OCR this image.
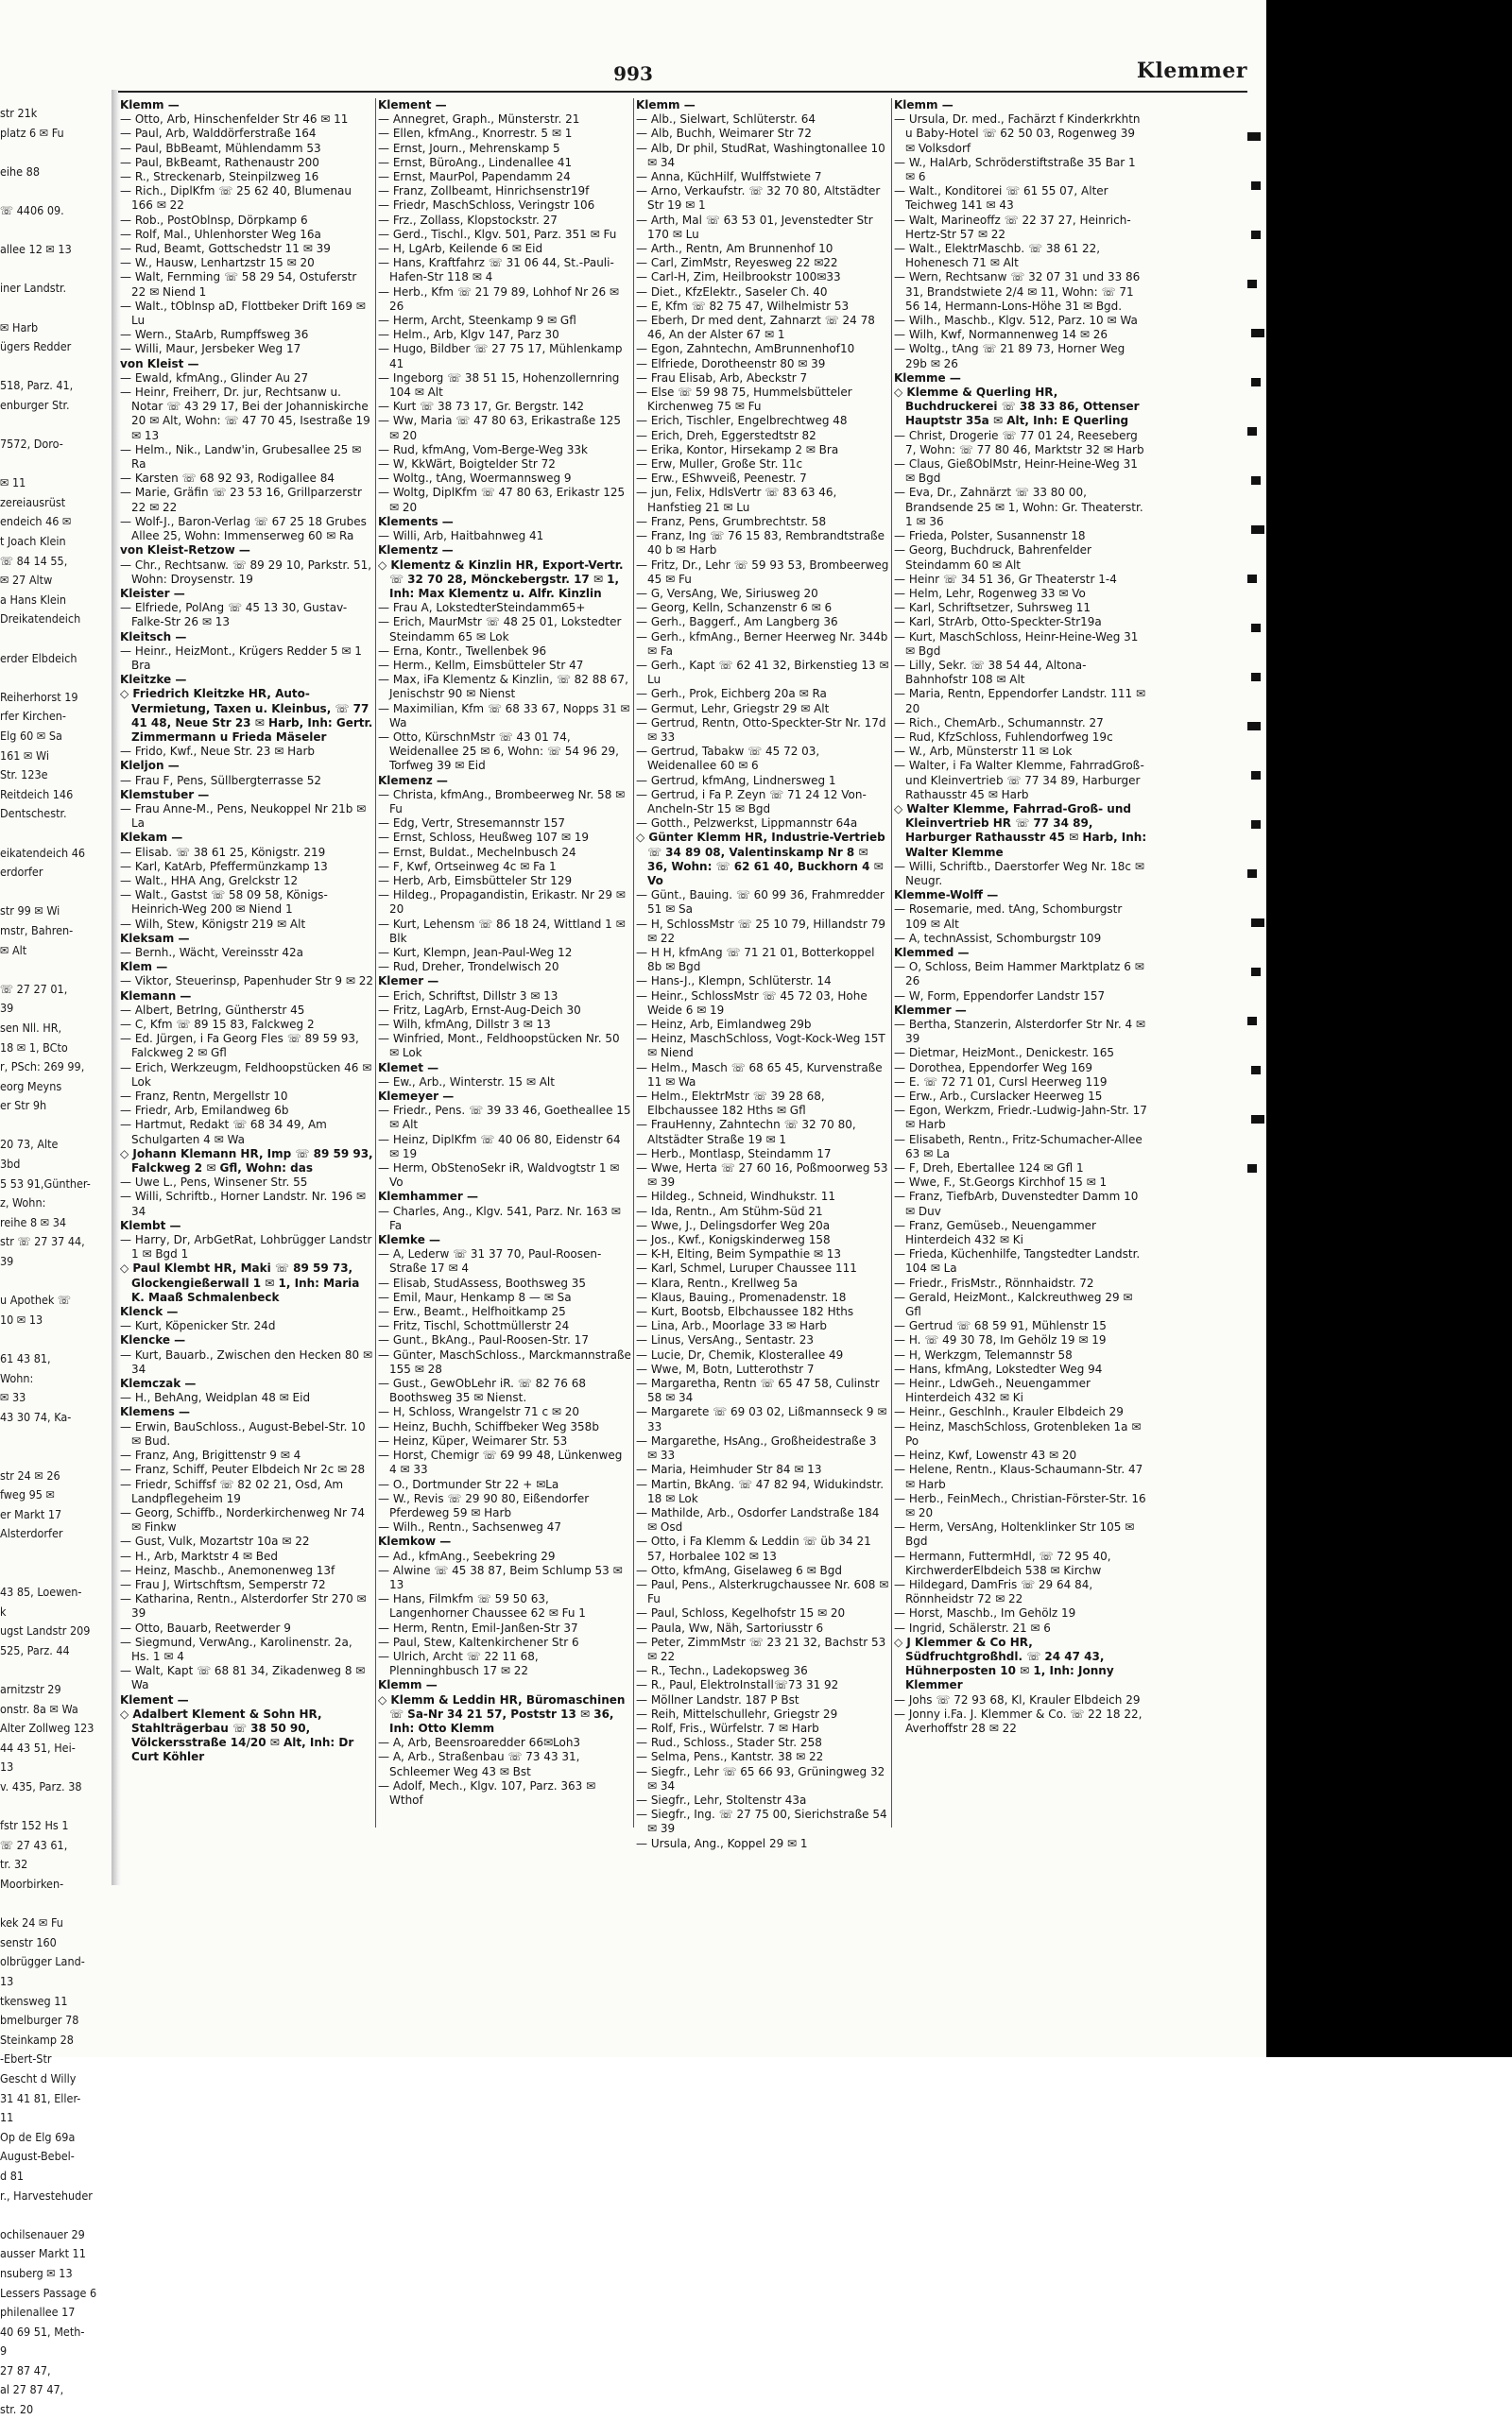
str 21k
platz 6 ✉ Fu

eihe 88

☏ 4406 09.

allee 12 ✉ 13

iner Landstr.

✉ Harb
ügers Redder

518, Parz. 41,
enburger Str.

7572, Doro-

✉ 11
zereiausrüst
endeich 46 ✉
t Joach Klein
☏ 84 14 55,
✉ 27 Altw
a Hans Klein
Dreikatendeich

erder Elbdeich

Reiherhorst 19
rfer Kirchen-
Elg 60 ✉ Sa
161 ✉ Wi
Str. 123e
Reitdeich 146
Dentschestr.

eikatendeich 46
erdorfer

str 99 ✉ Wi
mstr, Bahren-
✉ Alt

☏ 27 27 01,
39
sen Nll. HR,
18 ✉ 1, BCto
r, PSch: 269 99,
eorg Meyns
er Str 9h

20 73, Alte
3bd
5 53 91,Günther-
z, Wohn:
reihe 8 ✉ 34
str ☏ 27 37 44,
39

u Apothek ☏
10 ✉ 13

61 43 81,
Wohn:
✉ 33
43 30 74, Ka-

str 24 ✉ 26
fweg 95 ✉
er Markt 17
Alsterdorfer

43 85, Loewen-
k
ugst Landstr 209
525, Parz. 44

arnitzstr 29
onstr. 8a ✉ Wa
Alter Zollweg 123
44 43 51, Hei-
13
v. 435, Parz. 38

fstr 152 Hs 1
☏ 27 43 61,
tr. 32
Moorbirken-

kek 24 ✉ Fu
senstr 160
olbrügger Land-
13
tkensweg 11
bmelburger 78
Steinkamp 28
-Ebert-Str
Gescht d Willy
31 41 81, Eller-
11
Op de Elg 69a
August-Bebel-
d 81
r., Harvestehuder

ochilsenauer 29
ausser Markt 11
nsuberg ✉ 13
Lessers Passage 6
philenallee 17
40 69 51, Meth-
9
27 87 47,
al 27 87 47,
str. 20
993	Klemmer
Klemm —
— Otto, Arb, Hinschenfelder Str 46 ✉ 11
— Paul, Arb, Walddörferstraße 164
— Paul, BbBeamt, Mühlendamm 53
— Paul, BkBeamt, Rathenaustr 200
— R., Streckenarb, Steinpilzweg 16
— Rich., DiplKfm ☏ 25 62 40, Blumenau 166 ✉ 22
— Rob., PostOblnsp, Dörpkamp 6
— Rolf, Mal., Uhlenhorster Weg 16a
— Rud, Beamt, Gottschedstr 11 ✉ 39
— W., Hausw, Lenhartzstr 15 ✉ 20
— Walt, Fernming ☏ 58 29 54, Ostuferstr 22 ✉ Niend 1
— Walt., tOblnsp aD, Flottbeker Drift 169 ✉ Lu
— Wern., StaArb, Rumpffsweg 36
— Willi, Maur, Jersbeker Weg 17
von Kleist —
— Ewald, kfmAng., Glinder Au 27
— Heinr, Freiherr, Dr. jur, Rechtsanw u. Notar ☏ 43 29 17, Bei der Johanniskirche 20 ✉ Alt, Wohn: ☏ 47 70 45, Isestraße 19 ✉ 13
— Helm., Nik., Landw'in, Grubesallee 25 ✉ Ra
— Karsten ☏ 68 92 93, Rodigallee 84
— Marie, Gräfin ☏ 23 53 16, Grillparzerstr 22 ✉ 22
— Wolf-J., Baron-Verlag ☏ 67 25 18 Grubes Allee 25, Wohn: Immenserweg 60 ✉ Ra
von Kleist-Retzow —
— Chr., Rechtsanw. ☏ 89 29 10, Parkstr. 51, Wohn: Droysenstr. 19
Kleister —
— Elfriede, PolAng ☏ 45 13 30, Gustav-Falke-Str 26 ✉ 13
Kleitsch —
— Heinr., HeizMont., Krügers Redder 5 ✉ 1 Bra
Kleitzke —
◇ Friedrich Kleitzke HR, Auto-Vermietung, Taxen u. Kleinbus, ☏ 77 41 48, Neue Str 23 ✉ Harb, Inh: Gertr. Zimmermann u Frieda Mäseler
— Frido, Kwf., Neue Str. 23 ✉ Harb
Kleljon —
— Frau F, Pens, Süllbergterrasse 52
Klemstuber —
— Frau Anne-M., Pens, Neukoppel Nr 21b ✉ La
Klekam —
— Elisab. ☏ 38 61 25, Königstr. 219
— Karl, KatArb, Pfeffermünzkamp 13
— Walt., HHA Ang, Grelckstr 12
— Walt., Gastst ☏ 58 09 58, Königs-Heinrich-Weg 200 ✉ Niend 1
— Wilh, Stew, Königstr 219 ✉ Alt
Kleksam —
— Bernh., Wächt, Vereinsstr 42a
Klem —
— Viktor, Steuerinsp, Papenhuder Str 9 ✉ 22
Klemann —
— Albert, BetrIng, Güntherstr 45
— C, Kfm ☏ 89 15 83, Falckweg 2
— Ed. Jürgen, i Fa Georg Fles ☏ 89 59 93, Falckweg 2 ✉ Gfl
— Erich, Werkzeugm, Feldhoopstücken 46 ✉ Lok
— Franz, Rentn, Mergellstr 10
— Friedr, Arb, Emilandweg 6b
— Hartmut, Redakt ☏ 68 34 49, Am Schulgarten 4 ✉ Wa
◇ Johann Klemann HR, Imp ☏ 89 59 93, Falckweg 2 ✉ Gfl, Wohn: das
— Uwe L., Pens, Winsener Str. 55
— Willi, Schriftb., Horner Landstr. Nr. 196 ✉ 34
Klembt —
— Harry, Dr, ArbGetRat, Lohbrügger Landstr 1 ✉ Bgd 1
◇ Paul Klembt HR, Maki ☏ 89 59 73, Glockengießerwall 1 ✉ 1, Inh: Maria K. Maaß Schmalenbeck
Klenck —
— Kurt, Köpenicker Str. 24d
Klencke —
— Kurt, Bauarb., Zwischen den Hecken 80 ✉ 34
Klemczak —
— H., BehAng, Weidplan 48 ✉ Eid
Klemens —
— Erwin, BauSchloss., August-Bebel-Str. 10 ✉ Bud.
— Franz, Ang, Brigittenstr 9 ✉ 4
— Franz, Schiff, Peuter Elbdeich Nr 2c ✉ 28
— Friedr, Schiffsf ☏ 82 02 21, Osd, Am Landpflegeheim 19
— Georg, Schiffb., Norderkirchenweg Nr 74 ✉ Finkw
— Gust, Vulk, Mozartstr 10a ✉ 22
— H., Arb, Marktstr 4 ✉ Bed
— Heinz, Maschb., Anemonenweg 13f
— Frau J, Wirtschftsm, Semperstr 72
— Katharina, Rentn., Alsterdorfer Str 270 ✉ 39
— Otto, Bauarb, Reetwerder 9
— Siegmund, VerwAng., Karolinenstr. 2a, Hs. 1 ✉ 4
— Walt, Kapt ☏ 68 81 34, Zikadenweg 8 ✉ Wa
Klement —
◇ Adalbert Klement & Sohn HR, Stahlträgerbau ☏ 38 50 90, Völckersstraße 14/20 ✉ Alt, Inh: Dr Curt Köhler
Klement —
— Annegret, Graph., Münsterstr. 21
— Ellen, kfmAng., Knorrestr. 5 ✉ 1
— Ernst, Journ., Mehrenskamp 5
— Ernst, BüroAng., Lindenallee 41
— Ernst, MaurPol, Papendamm 24
— Franz, Zollbeamt, Hinrichsenstr19f
— Friedr, MaschSchloss, Veringstr 106
— Frz., Zollass, Klopstockstr. 27
— Gerd., Tischl., Klgv. 501, Parz. 351 ✉ Fu
— H, LgArb, Keilende 6 ✉ Eid
— Hans, Kraftfahrz ☏ 31 06 44, St.-Pauli-Hafen-Str 118 ✉ 4
— Herb., Kfm ☏ 21 79 89, Lohhof Nr 26 ✉ 26
— Herm, Archt, Steenkamp 9 ✉ Gfl
— Helm., Arb, Klgv 147, Parz 30
— Hugo, Bildber ☏ 27 75 17, Mühlenkamp 41
— Ingeborg ☏ 38 51 15, Hohenzollernring 104 ✉ Alt
— Kurt ☏ 38 73 17, Gr. Bergstr. 142
— Ww, Maria ☏ 47 80 63, Erikastraße 125 ✉ 20
— Rud, kfmAng, Vom-Berge-Weg 33k
— W, KkWärt, Boigtelder Str 72
— Woltg., tAng, Woermannsweg 9
— Woltg, DiplKfm ☏ 47 80 63, Erikastr 125 ✉ 20
Klements —
— Willi, Arb, Haitbahnweg 41
Klementz —
◇ Klementz & Kinzlin HR, Export-Vertr. ☏ 32 70 28, Mönckebergstr. 17 ✉ 1, Inh: Max Klementz u. Alfr. Kinzlin
— Frau A, LokstedterSteindamm65+
— Erich, MaurMstr ☏ 48 25 01, Lokstedter Steindamm 65 ✉ Lok
— Erna, Kontr., Twellenbek 96
— Herm., Kellm, Eimsbütteler Str 47
— Max, iFa Klementz & Kinzlin, ☏ 82 88 67, Jenischstr 90 ✉ Nienst
— Maximilian, Kfm ☏ 68 33 67, Nopps 31 ✉ Wa
— Otto, KürschnMstr ☏ 43 01 74, Weidenallee 25 ✉ 6, Wohn: ☏ 54 96 29, Torfweg 39 ✉ Eid
Klemenz —
— Christa, kfmAng., Brombeerweg Nr. 58 ✉ Fu
— Edg, Vertr, Stresemannstr 157
— Ernst, Schloss, Heußweg 107 ✉ 19
— Ernst, Buldat., Mechelnbusch 24
— F, Kwf, Ortseinweg 4c ✉ Fa 1
— Herb, Arb, Eimsbütteler Str 129
— Hildeg., Propagandistin, Erikastr. Nr 29 ✉ 20
— Kurt, Lehensm ☏ 86 18 24, Wittland 1 ✉ Blk
— Kurt, Klempn, Jean-Paul-Weg 12
— Rud, Dreher, Trondelwisch 20
Klemer —
— Erich, Schriftst, Dillstr 3 ✉ 13
— Fritz, LagArb, Ernst-Aug-Deich 30
— Wilh, kfmAng, Dillstr 3 ✉ 13
— Winfried, Mont., Feldhoopstücken Nr. 50 ✉ Lok
Klemet —
— Ew., Arb., Winterstr. 15 ✉ Alt
Klemeyer —
— Friedr., Pens. ☏ 39 33 46, Goetheallee 15 ✉ Alt
— Heinz, DiplKfm ☏ 40 06 80, Eidenstr 64 ✉ 19
— Herm, ObStenoSekr iR, Waldvogtstr 1 ✉ Vo
Klemhammer —
— Charles, Ang., Klgv. 541, Parz. Nr. 163 ✉ Fa
Klemke —
— A, Lederw ☏ 31 37 70, Paul-Roosen-Straße 17 ✉ 4
— Elisab, StudAssess, Boothsweg 35
— Emil, Maur, Henkamp 8 — ✉ Sa
— Erw., Beamt., Helfhoitkamp 25
— Fritz, Tischl, Schottmüllerstr 24
— Gunt., BkAng., Paul-Roosen-Str. 17
— Günter, MaschSchloss., Marckmannstraße 155 ✉ 28
— Gust., GewObLehr iR. ☏ 82 76 68 Boothsweg 35 ✉ Nienst.
— H, Schloss, Wrangelstr 71 c ✉ 20
— Heinz, Buchh, Schiffbeker Weg 358b
— Heinz, Küper, Weimarer Str. 53
— Horst, Chemigr ☏ 69 99 48, Lünkenweg 4 ✉ 33
— O., Dortmunder Str 22 + ✉La
— W., Revis ☏ 29 90 80, Eißendorfer Pferdeweg 59 ✉ Harb
— Wilh., Rentn., Sachsenweg 47
Klemkow —
— Ad., kfmAng., Seebekring 29
— Alwine ☏ 45 38 87, Beim Schlump 53 ✉ 13
— Hans, Filmkfm ☏ 59 50 63, Langenhorner Chaussee 62 ✉ Fu 1
— Herm, Rentn, Emil-Janßen-Str 37
— Paul, Stew, Kaltenkirchener Str 6
— Ulrich, Archt ☏ 22 11 68, Plenninghbusch 17 ✉ 22
Klemm —
◇ Klemm & Leddin HR, Büromaschinen ☏ Sa-Nr 34 21 57, Poststr 13 ✉ 36, Inh: Otto Klemm
— A, Arb, Beensroaredder 66✉Loh3
— A, Arb., Straßenbau ☏ 73 43 31, Schleemer Weg 43 ✉ Bst
— Adolf, Mech., Klgv. 107, Parz. 363 ✉ Wthof
Klemm —
— Alb., Sielwart, Schlüterstr. 64
— Alb, Buchh, Weimarer Str 72
— Alb, Dr phil, StudRat, Washingtonallee 10 ✉ 34
— Anna, KüchHilf, Wulffstwiete 7
— Arno, Verkaufstr. ☏ 32 70 80, Altstädter Str 19 ✉ 1
— Arth, Mal ☏ 63 53 01, Jevenstedter Str 170 ✉ Lu
— Arth., Rentn, Am Brunnenhof 10
— Carl, ZimMstr, Reyesweg 22 ✉22
— Carl-H, Zim, Heilbrookstr 100✉33
— Diet., KfzElektr., Saseler Ch. 40
— E, Kfm ☏ 82 75 47, Wilhelmistr 53
— Eberh, Dr med dent, Zahnarzt ☏ 24 78 46, An der Alster 67 ✉ 1
— Egon, Zahntechn, AmBrunnenhof10
— Elfriede, Dorotheenstr 80 ✉ 39
— Frau Elisab, Arb, Abeckstr 7
— Else ☏ 59 98 75, Hummelsbütteler Kirchenweg 75 ✉ Fu
— Erich, Tischler, Engelbrechtweg 48
— Erich, Dreh, Eggerstedtstr 82
— Erika, Kontor, Hirsekamp 2 ✉ Bra
— Erw, Muller, Große Str. 11c
— Erw., EShwveiß, Peenestr. 7
— jun, Felix, HdlsVertr ☏ 83 63 46, Hanfstieg 21 ✉ Lu
— Franz, Pens, Grumbrechtstr. 58
— Franz, Ing ☏ 76 15 83, Rembrandtstraße 40 b ✉ Harb
— Fritz, Dr., Lehr ☏ 59 93 53, Brombeerweg 45 ✉ Fu
— G, VersAng, We, Siriusweg 20
— Georg, Kelln, Schanzenstr 6 ✉ 6
— Gerh., Baggerf., Am Langberg 36
— Gerh., kfmAng., Berner Heerweg Nr. 344b ✉ Fa
— Gerh., Kapt ☏ 62 41 32, Birkenstieg 13 ✉ Lu
— Gerh., Prok, Eichberg 20a ✉ Ra
— Germut, Lehr, Griegstr 29 ✉ Alt
— Gertrud, Rentn, Otto-Speckter-Str Nr. 17d ✉ 33
— Gertrud, Tabakw ☏ 45 72 03, Weidenallee 60 ✉ 6
— Gertrud, kfmAng, Lindnersweg 1
— Gertrud, i Fa P. Zeyn ☏ 71 24 12 Von-Ancheln-Str 15 ✉ Bgd
— Gotth., Pelzwerkst, Lippmannstr 64a
◇ Günter Klemm HR, Industrie-Vertrieb ☏ 34 89 08, Valentinskamp Nr 8 ✉ 36, Wohn: ☏ 62 61 40, Buckhorn 4 ✉ Vo
— Günt., Bauing. ☏ 60 99 36, Frahmredder 51 ✉ Sa
— H, SchlossMstr ☏ 25 10 79, Hillandstr 79 ✉ 22
— H H, kfmAng ☏ 71 21 01, Botterkoppel 8b ✉ Bgd
— Hans-J., Klempn, Schlüterstr. 14
— Heinr., SchlossMstr ☏ 45 72 03, Hohe Weide 6 ✉ 19
— Heinz, Arb, Eimlandweg 29b
— Heinz, MaschSchloss, Vogt-Kock-Weg 15T ✉ Niend
— Helm., Masch ☏ 68 65 45, Kurvenstraße 11 ✉ Wa
— Helm., ElektrMstr ☏ 39 28 68, Elbchaussee 182 Hths ✉ Gfl
— FrauHenny, Zahntechn ☏ 32 70 80, Altstädter Straße 19 ✉ 1
— Herb., Montlasp, Steindamm 17
— Wwe, Herta ☏ 27 60 16, Poßmoorweg 53 ✉ 39
— Hildeg., Schneid, Windhukstr. 11
— Ida, Rentn., Am Stühm-Süd 21
— Wwe, J., Delingsdorfer Weg 20a
— Jos., Kwf., Konigskinderweg 158
— K-H, Elting, Beim Sympathie ✉ 13
— Karl, Schmel, Luruper Chaussee 111
— Klara, Rentn., Krellweg 5a
— Klaus, Bauing., Promenadenstr. 18
— Kurt, Bootsb, Elbchaussee 182 Hths
— Lina, Arb., Moorlage 33 ✉ Harb
— Linus, VersAng., Sentastr. 23
— Lucie, Dr, Chemik, Klosterallee 49
— Wwe, M, Botn, Lutterothstr 7
— Margaretha, Rentn ☏ 65 47 58, Culinstr 58 ✉ 34
— Margarete ☏ 69 03 02, Lißmannseck 9 ✉ 33
— Margarethe, HsAng., Großheidestraße 3 ✉ 33
— Maria, Heimhuder Str 84 ✉ 13
— Martin, BkAng. ☏ 47 82 94, Widukindstr. 18 ✉ Lok
— Mathilde, Arb., Osdorfer Landstraße 184 ✉ Osd
— Otto, i Fa Klemm & Leddin ☏ üb 34 21 57, Horbalee 102 ✉ 13
— Otto, kfmAng, Giselaweg 6 ✉ Bgd
— Paul, Pens., Alsterkrugchaussee Nr. 608 ✉ Fu
— Paul, Schloss, Kegelhofstr 15 ✉ 20
— Paula, Ww, Näh, Sartoriusstr 6
— Peter, ZimmMstr ☏ 23 21 32, Bachstr 53 ✉ 22
— R., Techn., Ladekopsweg 36
— R., Paul, ElektroInstall☏73 31 92
— Möllner Landstr. 187 P Bst
— Reih, Mittelschullehr, Griegstr 29
— Rolf, Fris., Würfelstr. 7 ✉ Harb
— Rud., Schloss., Stader Str. 258
— Selma, Pens., Kantstr. 38 ✉ 22
— Siegfr., Lehr ☏ 65 66 93, Grüningweg 32 ✉ 34
— Siegfr., Lehr, Stoltenstr 43a
— Siegfr., Ing. ☏ 27 75 00, Sierichstraße 54 ✉ 39
— Ursula, Ang., Koppel 29 ✉ 1
Klemm —
— Ursula, Dr. med., Fachärzt f Kinderkrkhtn u Baby-Hotel ☏ 62 50 03, Rogenweg 39 ✉ Volksdorf
— W., HalArb, Schröderstiftstraße 35 Bar 1 ✉ 6
— Walt., Konditorei ☏ 61 55 07, Alter Teichweg 141 ✉ 43
— Walt, Marineoffz ☏ 22 37 27, Heinrich-Hertz-Str 57 ✉ 22
— Walt., ElektrMaschb. ☏ 38 61 22, Hohenesch 71 ✉ Alt
— Wern, Rechtsanw ☏ 32 07 31 und 33 86 31, Brandstwiete 2/4 ✉ 11, Wohn: ☏ 71 56 14, Hermann-Lons-Höhe 31 ✉ Bgd.
— Wilh., Maschb., Klgv. 512, Parz. 10 ✉ Wa
— Wilh, Kwf, Normannenweg 14 ✉ 26
— Woltg., tAng ☏ 21 89 73, Horner Weg 29b ✉ 26
Klemme —
◇ Klemme & Querling HR, Buchdruckerei ☏ 38 33 86, Ottenser Hauptstr 35a ✉ Alt, Inh: E Querling
— Christ, Drogerie ☏ 77 01 24, Reeseberg 7, Wohn: ☏ 77 80 46, Marktstr 32 ✉ Harb
— Claus, GießOblMstr, Heinr-Heine-Weg 31 ✉ Bgd
— Eva, Dr., Zahnärzt ☏ 33 80 00, Brandsende 25 ✉ 1, Wohn: Gr. Theaterstr. 1 ✉ 36
— Frieda, Polster, Susannenstr 18
— Georg, Buchdruck, Bahrenfelder Steindamm 60 ✉ Alt
— Heinr ☏ 34 51 36, Gr Theaterstr 1-4
— Helm, Lehr, Rogenweg 33 ✉ Vo
— Karl, Schriftsetzer, Suhrsweg 11
— Karl, StrArb, Otto-Speckter-Str19a
— Kurt, MaschSchloss, Heinr-Heine-Weg 31 ✉ Bgd
— Lilly, Sekr. ☏ 38 54 44, Altona-Bahnhofstr 108 ✉ Alt
— Maria, Rentn, Eppendorfer Landstr. 111 ✉ 20
— Rich., ChemArb., Schumannstr. 27
— Rud, KfzSchloss, Fuhlendorfweg 19c
— W., Arb, Münsterstr 11 ✉ Lok
— Walter, i Fa Walter Klemme, FahrradGroß- und Kleinvertrieb ☏ 77 34 89, Harburger Rathausstr 45 ✉ Harb
◇ Walter Klemme, Fahrrad-Groß- und Kleinvertrieb HR ☏ 77 34 89, Harburger Rathausstr 45 ✉ Harb, Inh: Walter Klemme
— Willi, Schriftb., Daerstorfer Weg Nr. 18c ✉ Neugr.
Klemme-Wolff —
— Rosemarie, med. tAng, Schomburgstr 109 ✉ Alt
— A, technAssist, Schomburgstr 109
Klemmed —
— O, Schloss, Beim Hammer Marktplatz 6 ✉ 26
— W, Form, Eppendorfer Landstr 157
Klemmer —
— Bertha, Stanzerin, Alsterdorfer Str Nr. 4 ✉ 39
— Dietmar, HeizMont., Denickestr. 165
— Dorothea, Eppendorfer Weg 169
— E. ☏ 72 71 01, Cursl Heerweg 119
— Erw., Arb., Curslacker Heerweg 15
— Egon, Werkzm, Friedr.-Ludwig-Jahn-Str. 17 ✉ Harb
— Elisabeth, Rentn., Fritz-Schumacher-Allee 63 ✉ La
— F, Dreh, Ebertallee 124 ✉ Gfl 1
— Wwe, F., St.Georgs Kirchhof 15 ✉ 1
— Franz, TiefbArb, Duvenstedter Damm 10 ✉ Duv
— Franz, Gemüseb., Neuengammer Hinterdeich 432 ✉ Ki
— Frieda, Küchenhilfe, Tangstedter Landstr. 104 ✉ La
— Friedr., FrisMstr., Rönnhaidstr. 72
— Gerald, HeizMont., Kalckreuthweg 29 ✉ Gfl
— Gertrud ☏ 68 59 91, Mühlenstr 15
— H. ☏ 49 30 78, Im Gehölz 19 ✉ 19
— H, Werkzgm, Telemannstr 58
— Hans, kfmAng, Lokstedter Weg 94
— Heinr., LdwGeh., Neuengammer Hinterdeich 432 ✉ Ki
— Heinr., Geschlnh., Krauler Elbdeich 29
— Heinz, MaschSchloss, Grotenbleken 1a ✉ Po
— Heinz, Kwf, Lowenstr 43 ✉ 20
— Helene, Rentn., Klaus-Schaumann-Str. 47 ✉ Harb
— Herb., FeinMech., Christian-Förster-Str. 16 ✉ 20
— Herm, VersAng, Holtenklinker Str 105 ✉ Bgd
— Hermann, FuttermHdl, ☏ 72 95 40, KirchwerderElbdeich 538 ✉ Kirchw
— Hildegard, DamFris ☏ 29 64 84, Rönnheidstr 72 ✉ 22
— Horst, Maschb., Im Gehölz 19
— Ingrid, Schälerstr. 21 ✉ 6
◇ J Klemmer & Co HR, Südfruchtgroßhdl. ☏ 24 47 43, Hühnerposten 10 ✉ 1, Inh: Jonny Klemmer
— Johs ☏ 72 93 68, Kl, Krauler Elbdeich 29
— Jonny i.Fa. J. Klemmer & Co. ☏ 22 18 22, Averhoffstr 28 ✉ 22
